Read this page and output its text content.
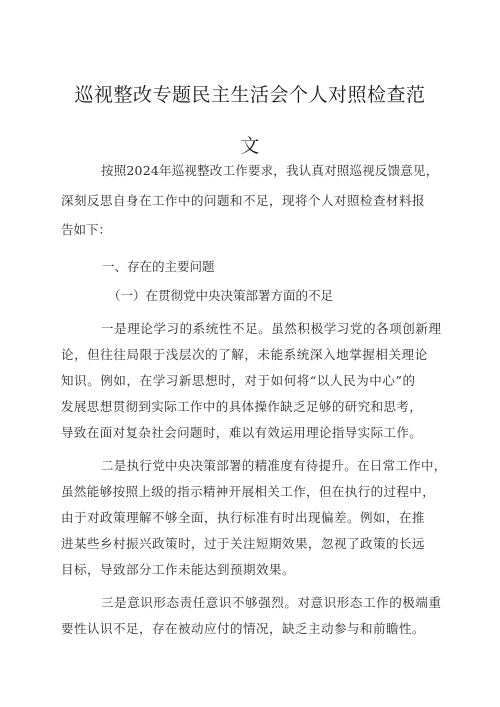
巡视整改专题民主生活会个人对照检查范
文
按照2024年巡视整改工作要求，我认真对照巡视反馈意见，
深刻反思自身在工作中的问题和不足，现将个人对照检查材料报
告如下：
一、存在的主要问题
（一）在贯彻党中央决策部署方面的不足
一是理论学习的系统性不足。虽然积极学习党的各项创新理
论，但往往局限于浅层次的了解，未能系统深入地掌握相关理论
知识。例如，在学习新思想时，对于如何将“以人民为中心”的
发展思想贯彻到实际工作中的具体操作缺乏足够的研究和思考，
导致在面对复杂社会问题时，难以有效运用理论指导实际工作。
二是执行党中央决策部署的精准度有待提升。在日常工作中，
虽然能够按照上级的指示精神开展相关工作，但在执行的过程中，
由于对政策理解不够全面，执行标准有时出现偏差。例如，在推
进某些乡村振兴政策时，过于关注短期效果，忽视了政策的长远
目标，导致部分工作未能达到预期效果。
三是意识形态责任意识不够强烈。对意识形态工作的极端重
要性认识不足，存在被动应付的情况，缺乏主动参与和前瞻性。
